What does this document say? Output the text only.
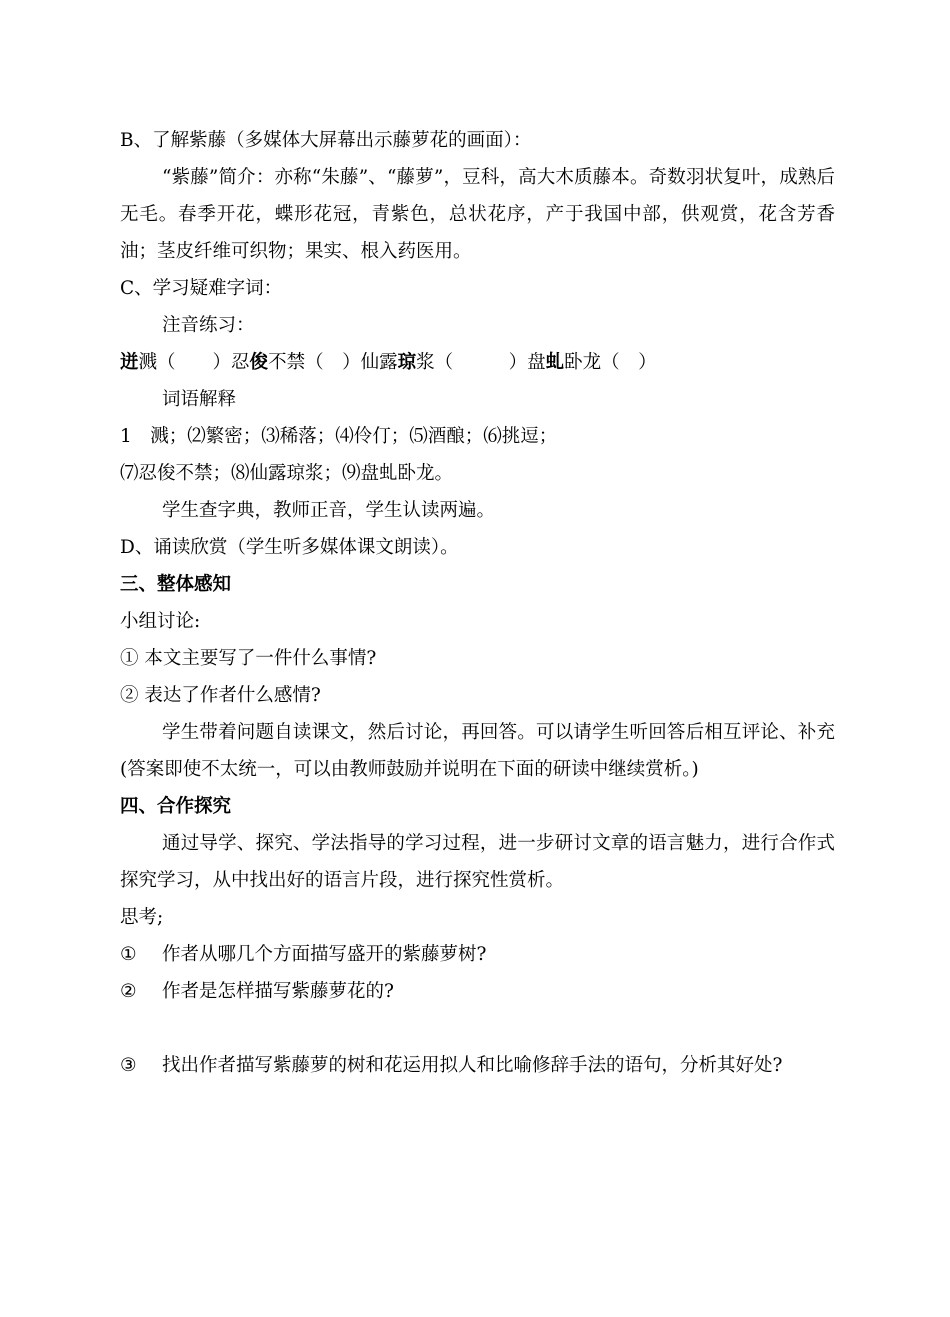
B、了解紫藤（多媒体大屏幕出示藤萝花的画面）：
“紫藤”简介：亦称“朱藤”、“藤萝”，豆科，高大木质藤本。奇数羽状复叶，成熟后无毛。春季开花，蝶形花冠，青紫色，总状花序，产于我国中部，供观赏，花含芳香油；茎皮纤维可织物；果实、根入药医用。
C、学习疑难字词：
注音练习：
迸溅（　　）忍俊不禁（　）仙露琼浆（　　　）盘虬卧龙（　）
词语解释
1　溅；⑵繁密；⑶稀落；⑷伶仃；⑸酒酿；⑹挑逗；
⑺忍俊不禁；⑻仙露琼浆；⑼盘虬卧龙。
学生查字典，教师正音，学生认读两遍。
D、诵读欣赏（学生听多媒体课文朗读）。
三、整体感知
小组讨论:
① 本文主要写了一件什么事情?
② 表达了作者什么感情?
学生带着问题自读课文，然后讨论，再回答。可以请学生听回答后相互评论、补充(答案即使不太统一，可以由教师鼓励并说明在下面的研读中继续赏析。)
四、合作探究
通过导学、探究、学法指导的学习过程，进一步研讨文章的语言魅力，进行合作式探究学习，从中找出好的语言片段，进行探究性赏析。
思考;
① 作者从哪几个方面描写盛开的紫藤萝树?
② 作者是怎样描写紫藤萝花的?
③ 找出作者描写紫藤萝的树和花运用拟人和比喻修辞手法的语句，分析其好处?
